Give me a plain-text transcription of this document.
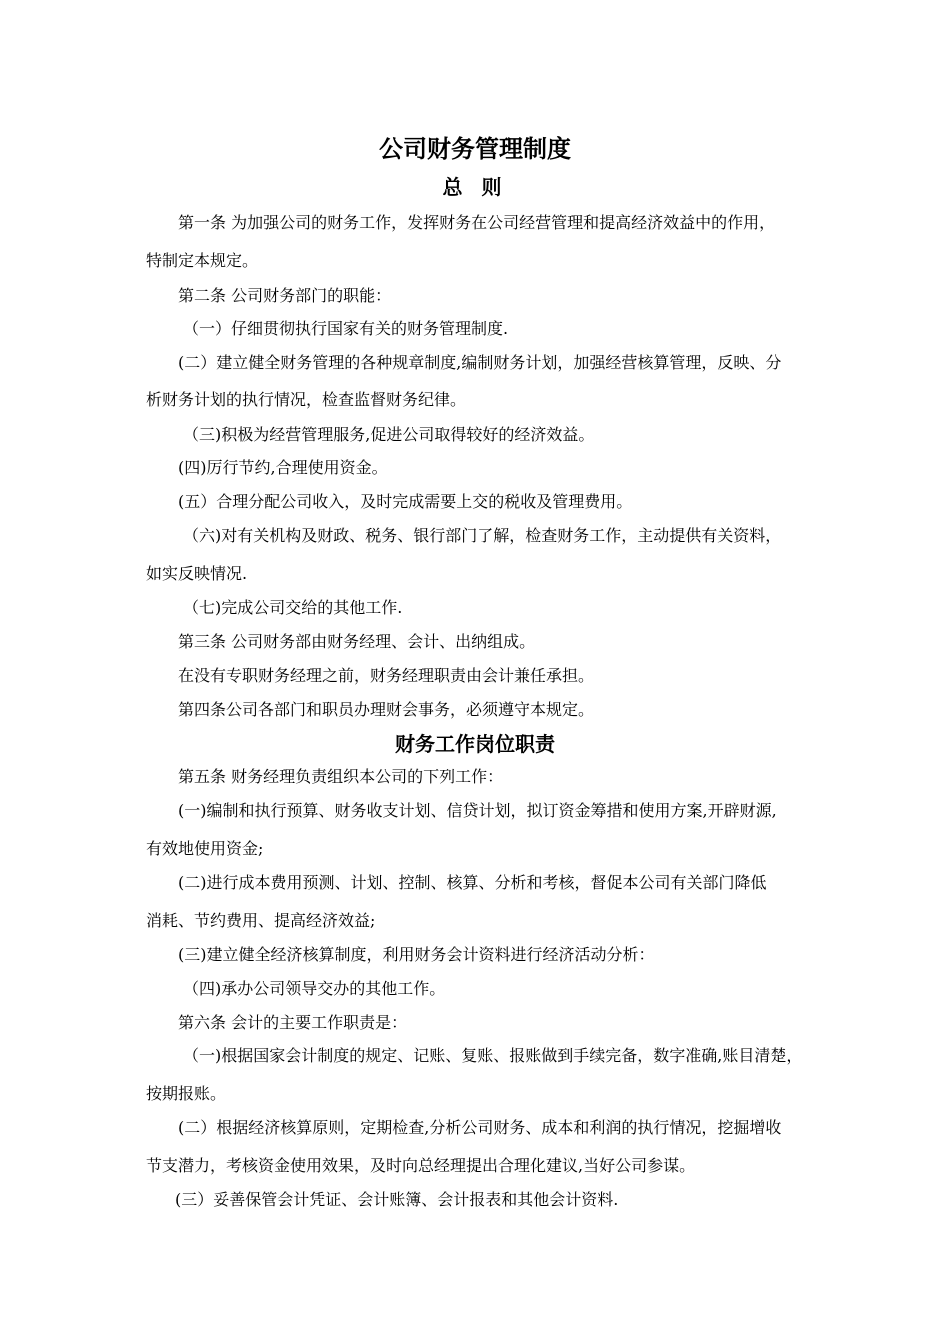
公司财务管理制度
总 则

第一条 为加强公司的财务工作，发挥财务在公司经营管理和提高经济效益中的作用，

特制定本规定。

第二条 公司财务部门的职能：

（一）仔细贯彻执行国家有关的财务管理制度.

(二）建立健全财务管理的各种规章制度,编制财务计划，加强经营核算管理，反映、分

析财务计划的执行情况，检查监督财务纪律。

（三)积极为经营管理服务,促进公司取得较好的经济效益。

(四)厉行节约,合理使用资金。

(五）合理分配公司收入，及时完成需要上交的税收及管理费用。

（六)对有关机构及财政、税务、银行部门了解，检查财务工作，主动提供有关资料，

如实反映情况.

（七)完成公司交给的其他工作.

第三条 公司财务部由财务经理、会计、出纳组成。

在没有专职财务经理之前，财务经理职责由会计兼任承担。

第四条公司各部门和职员办理财会事务，必须遵守本规定。

财务工作岗位职责

第五条 财务经理负责组织本公司的下列工作：

(一)编制和执行预算、财务收支计划、信贷计划，拟订资金筹措和使用方案,开辟财源,

有效地使用资金;

(二)进行成本费用预测、计划、控制、核算、分析和考核，督促本公司有关部门降低

消耗、节约费用、提高经济效益;

(三)建立健全经济核算制度，利用财务会计资料进行经济活动分析：

（四)承办公司领导交办的其他工作。

第六条 会计的主要工作职责是：

（一)根据国家会计制度的规定、记账、复账、报账做到手续完备，数字准确,账目清楚，

按期报账。

(二）根据经济核算原则，定期检查,分析公司财务、成本和利润的执行情况，挖掘增收

节支潜力，考核资金使用效果，及时向总经理提出合理化建议,当好公司参谋。

(三）妥善保管会计凭证、会计账簿、会计报表和其他会计资料.
